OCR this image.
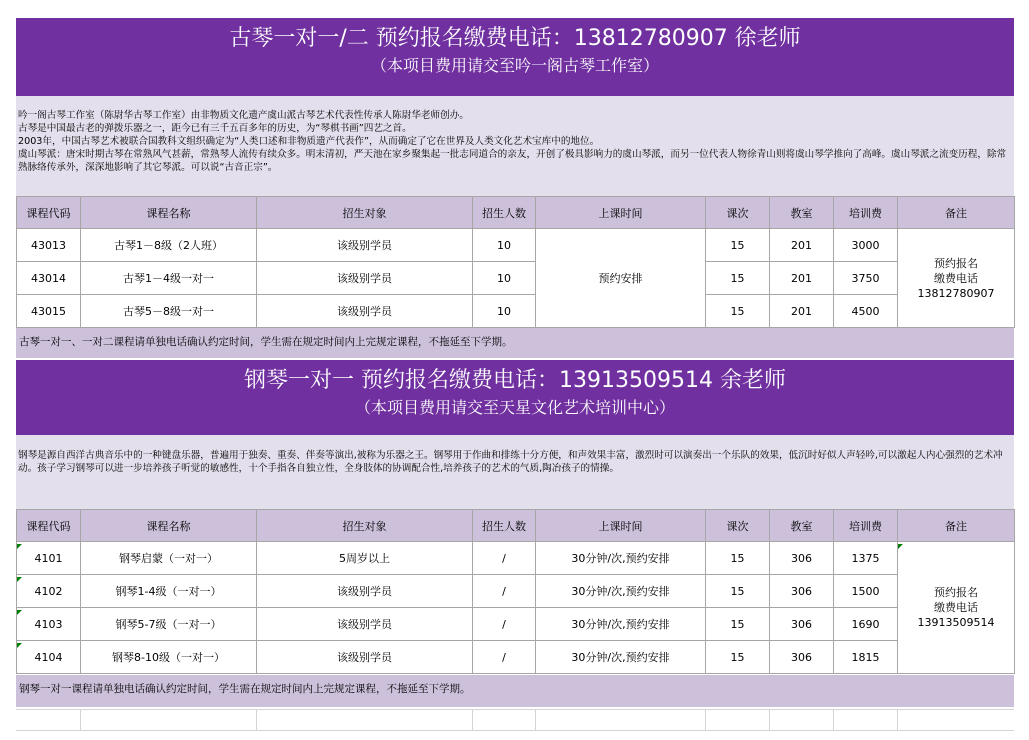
古琴一对一/二 预约报名缴费电话：13812780907 徐老师
（本项目费用请交至吟一阁古琴工作室）

吟一阁古琴工作室（陈尉华古琴工作室）由非物质文化遗产虞山派古琴艺术代表性传承人陈尉华老师创办。

古琴是中国最古老的弹拨乐器之一，距今已有三千五百多年的历史，为“琴棋书画”四艺之首。

2003年，中国古琴艺术被联合国教科文组织确定为“人类口述和非物质遗产代表作”，从而确定了它在世界及人类文化艺术宝库中的地位。

虞山琴派：唐宋时期古琴在常熟风气甚薪，常熟琴人流传有续众多。明末清初，严天池在家乡聚集起一批志同道合的亲友，开创了极具影响力的虞山琴派，而另一位代表人物徐青山则将虞山琴学推向了高峰。虞山琴派之流变历程，除常熟脉络传承外，深深地影响了其它琴派。可以说“古音正宗”。

课程代码	课程名称	招生对象	招生人数	上课时间	课次	教室	培训费	备注
43013	古琴1－8级（2人班）	该级别学员	10	预约安排	15	201	3000	预约报名
缴费电话
13812780907

43014	古琴1－4级一对一	该级别学员	10		15	201	3750	
43015	古琴5－8级一对一	该级别学员	10		15	201	4500	
古琴一对一、一对二课程请单独电话确认约定时间，学生需在规定时间内上完规定课程，不拖延至下学期。
钢琴一对一 预约报名缴费电话：13913509514 余老师
（本项目费用请交至天星文化艺术培训中心）

钢琴是源自西洋古典音乐中的一种键盘乐器，普遍用于独奏、重奏、伴奏等演出,被称为乐器之王。钢琴用于作曲和排练十分方便，和声效果丰富，激烈时可以演奏出一个乐队的效果，低沉时好似人声轻吟,可以激起人内心强烈的艺术冲动。孩子学习钢琴可以进一步培养孩子听觉的敏感性，十个手指各自独立性，全身肢体的协调配合性,培养孩子的艺术的气质,陶冶孩子的情操。

课程代码	课程名称	招生对象	招生人数	上课时间	课次	教室	培训费	备注
4101	钢琴启蒙（一对一）	5周岁以上	/	30分钟/次,预约安排	15	306	1375	预约报名
缴费电话
13913509514

4102	钢琴1-4级（一对一）	该级别学员	/	30分钟/次,预约安排	15	306	1500	
4103	钢琴5-7级（一对一）	该级别学员	/	30分钟/次,预约安排	15	306	1690	
4104	钢琴8-10级（一对一）	该级别学员	/	30分钟/次,预约安排	15	306	1815	
钢琴一对一课程请单独电话确认约定时间，学生需在规定时间内上完规定课程，不拖延至下学期。
